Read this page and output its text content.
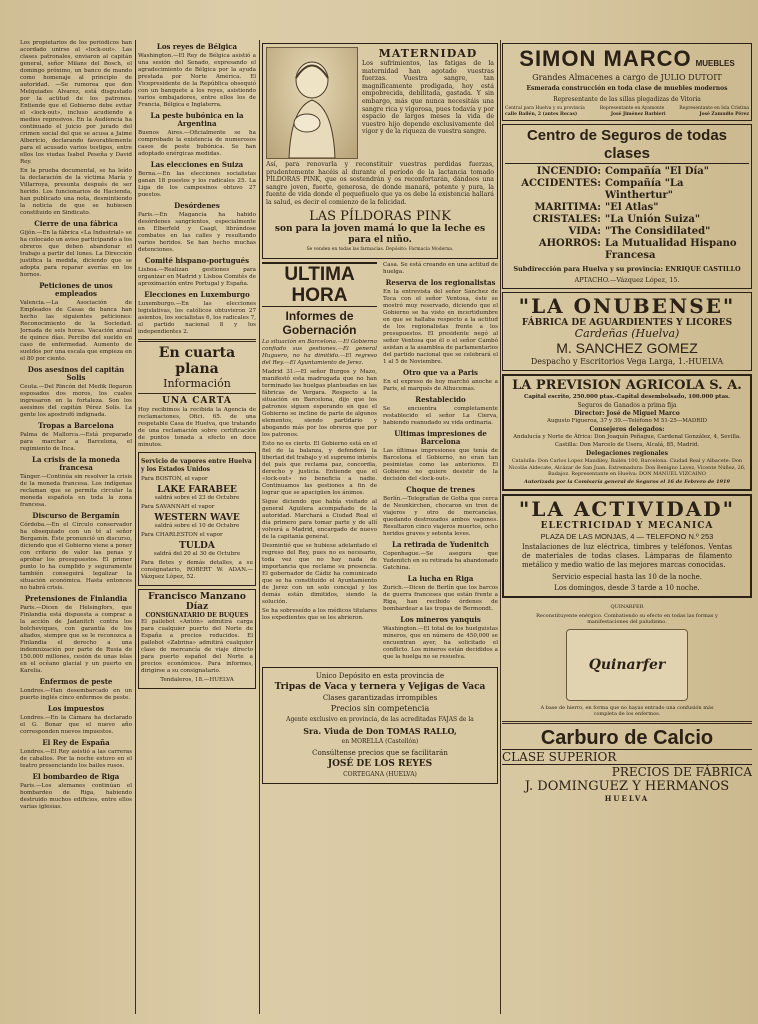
Los propietarios de los periódicos han acordado unirse al «lock-out». Las clases patronales, enviaron al capitán general, señor Milans del Bosch, el domingo próximo, un banco de mando como homenaje al principio de autoridad. —Se rumorea que don Melquiades Alvarez, está disgustado por la actitud de los patronos. Entiende que el Gobierno debe evitar el «lock-out», incluso acudiendo a medios represivos. En la Audiencia ha continuado el juicio por jurado del crimen social del que se acusa a Jaime Albericio, declarando favorablemente para el acusado varios testigos, entre ellos los viudas Isabel Peseña y David Rey.

En la prueba documental, se ha leído la declaración de la víctima María y Villarroya, presunta después de ser herido. Los funcionarios de Hacienda, han publicado una nota, desmintiendo la noticia de que se hubiesen constituido en Sindicato.

Cierre de una fábrica

Gijón.—En la fábrica «La Industrial» se ha colocado un aviso participando a los obreros que deben abandonar el trabajo a partir del lunes. La Dirección justifica la medida, diciendo que se adopta para reparar averías en los hornos.

Peticiones de unos empleados

Valencia.—La Asociación de Empleados de Casas de banca han hecho las siguientes peticiones: Reconocimiento de la Sociedad. Jornada de seis horas. Vacación anual de quince días. Percibo del sueldo en caso de enfermedad. Aumento de sueldos por una escala que empieza en el 80 por ciento.

Dos asesinos del capitán Solis

Ceuta.—Del Rincón del Medik llegaron esposados dos moros, los cuales ingresaron en la fortaleza. Son los asesinos del capitán Pérez Solís. La gente los apostrofó indignada.

Tropas a Barcelona

Palma de Mallorca.—Está preparado para marchar a Barcelona, el regimiento de Inca.

La crisis de la moneda francesa

Tánger.—Continúa sin resolver la crisis de la moneda francesa. Los indígenas reclaman que se permita circular la moneda española en toda la zona francesa.

Discurso de Bergamín

Córdoba.—En el Círculo conservador ha obsequiado con un té al señor Bergamín. Éste pronunció un discurso, diciendo que el Gobierno viene a poner con criterio de valor las penas y aprobar los presupuestos. El primer punto lo ha cumplido y seguramente también conseguirá legalizar la situación económica. Hasta entonces no habrá crisis.

Pretensiones de Finlandia

Paris.—Dicen de Helsingfors, que Finlandia está dispuesta a comprar a la acción de Jadanitch contra los bolcheviques, con garantía de los aliados, siempre que se le reconozca a Finlandia el derecho a una indemnización por parte de Rusia de 150.000 millones, cesión de unas islas en el océano glacial y un puerto en Karelia.

Enfermos de peste

Londres.—Han desembarcado en un puerto inglés cinco enfermos de peste.

Los impuestos

Londres.—En la Cámara ha declarado el G. Bonar que el nuevo año corresponden nuevos impuestos.

El Rey de España

Londres.—El Rey asistió a las carreras de caballos. Por la noche estuvo en el teatro presenciando los bailes rusos.

El bombardeo de Riga

Paris.—Los alemanes continúan el bombardeo de Riga, habiendo destruido muchos edificios, entre ellos varias iglesias.

Los reyes de Bélgica

Washington.—El Rey de Bélgica asistió a una sesión del Senado, expresando el agradecimiento de Bélgica por la ayuda prestada por Norte América. El Vicepresidente de la República obsequió con un banquete a los reyes, asistiendo varios embajadores, entre ellos los de Francia, Bélgica e Inglaterra.

La peste bubónica en la Argentina

Buenos Aires.—Oficialmente se ha comprobado la existencia de numerosos casos de peste bubónica. Se han adoptado enérgicas medidas.

Las elecciones en Suiza

Berna.—En las elecciones socialistas ganan 18 puestos y los radicales 25. La Liga de los campesinos obtuvo 27 puestos.

Desórdenes

Paris.—En Magancia ha habido desórdenes sangrientos, especialmente en Elberfeld y Caagl, librándose combates en las calles y resultando varios heridos. Se han hecho muchas detenciones.

Comité hispano-portugués

Lisboa.—Realizan gestiones para organizar en Madrid y Lisboa Comités de aproximación entre Portugal y España.

Elecciones en Luxemburgo

Luxemburgo.—En las elecciones legislativas, los católicos obtuvieron 27 asientos, los socialistas 6, los radicales 7, el partido nacional 8 y los independientes 2.

En cuarta plana
Información
UNA CARTA

Hoy recibimos la recibida la Agencia de reclamaciones, Ofici. 65. de una respetable Casa de Huelva, que tratando de una reclamación sobre certificación de puntos tonada a efecto en doce minutos.

Servicio de vapores entre Huelva y los Estados Unidos
Para BOSTON, el vapor
LAKE FARABEE
saldrá sobre el 23 de Octubre
Para SAVANNAH el vapor
WESTERN WAVE
saldrá sobre el 10 de Octubre
Para CHARLESTON el vapor
TULDA
saldrá del 20 al 30 de Octubre
Para fletes y demás detalles, a su consignatario, ROBERT W. ADAN.—Vázquez López, 52.
Francisco Manzano Díaz
CONSIGNATARIO DE BUQUES

El pailebot «Antón» admitirá carga para cualquier puerto del Norte de España a precios reducidos. El pailebot «Zabrina» admitirá cualquier clase de mercancía de viaje directo para puerto español del Norte a precios económicos. Para informes, dirigirse a su consignatario.

Tendaleros, 18.—HUELVA
MATERNIDAD

Los sufrimientos, las fatigas de la maternidad han agotado vuestras fuerzas. Vuestra sangre, tan magníficamente prodigada, hoy está empobrecida, debilitada, gastada. Y sin embargo, más que nunca necesitáis una sangre rica y vigorosa, pues todavía y por espacio de largos meses la vida de vuestro hijo depende exclusivamente del vigor y de la riqueza de vuestra sangre.

Así, para renovarla y reconstituir vuestras perdidas fuerzas, prudentemente hacéis al durante el período de la lactancia tomado PÍLDORAS PINK, que os sostendrán y os reconfortarán, dándoos una sangre joven, fuerte, generosa, de donde manará, potente y pura, la fuente de vida donde el pequeñuelo que ya os debe la existencia hallará la salud, es decir el comienzo de la felicidad.

LAS PÍLDORAS PINK
son para la joven mamá lo que la leche es para el niño.
Se venden en todas las farmacias. Depósito: Farmacia Moderna.
ULTIMA HORA
Informes de Gobernación

La situación en Barcelona.—El Gobierno confiado sus gestiones.—El general Huguero, no ha dimitido.—El regreso del Rey.—El Ayuntamiento de Jerez.

Madrid 31.—El señor Burgos y Mazo, manifestó esta madrugada que no han terminado las huelgas planteadas en las fábricas de Vergara. Respecto a la situación en Barcelona, dijo que los patronos siguen esperando en que el Gobierno se incline de parte de algunos elementos, siendo partidario y abogando más por los obreros que por los patronos.

Esto no es cierto. El Gobierno está en el fiel de la balanza, y defenderá la libertad del trabajo y el supremo interés del país que reclama paz, concordia, derecho y justicia. Entiende que el «lock-out» no beneficia a nadie. Continuamos las gestiones a fin de lograr que se apacigüen los ánimos.

Sigue diciendo que había visitado al general Aguilera acompañado de la autoridad. Marchará a Ciudad Real el día primero para tomar parte y de allí volverá a Madrid, encargado de nuevo de la capitanía general.

Desmintió que se hubiese adelantado el regreso del Rey, pues no es necesario, toda vez que no hay nada de importancia que reclame su presencia. El gobernador de Cádiz ha comunicado que se ha constituido el Ayuntamiento de Jerez con un solo concejal y los demás están dimitidos, siendo la solución.

Se ha sobreseído a los médicos titulares los expedientes que se les abrieron.

Casa. Se está creando en una actitud de huelga.

Reserva de los regionalistas

En la entrevista del señor Sánchez de Toca con el señor Ventosa, éste se mostró muy reservado, diciendo que el Gobierno se ha visto en incertidumbre en que se hallaba respecto a la actitud de los regionalistas frente a los presupuestos. El presidente negó al señor Ventosa que él o el señor Cambó asistan a la asamblea de parlamentarios del partido nacional que se celebrará el 1 al 5 de Noviembre.

Otro que va a Paris

En el expreso de hoy marchó anoche a Paris, el marqués de Alhucemas.

Restablecido

Se encuentra completamente restablecido el señor La Cierva, habiendo reanudado su vida ordinaria.

Ultimas impresiones de Barcelona

Las últimas impresiones que tenía de Barcelona el Gobierno, no eran tan pesimistas como las anteriores. El Gobierno no quiere desistir de la decisión del «lock-out».

Choque de trenes

Berlín.—Telegrafían de Gotha que cerca de Neunkirchen, chocaron un tren de viajeros y otro de mercancías, quedando destrozados ambos vagones. Resultaron cinco viajeros muertos, ocho heridos graves y setenta leves.

La retirada de Yudenitch

Copenhague.—Se asegura que Yudenitch en su retirada ha abandonado Gatchina.

La lucha en Riga

Zurich.—Dicen de Berlín que los barcos de guerra franceses que están frente a Riga, han recibido órdenes de bombardear a las tropas de Bermondt.

Los mineros yanquis

Washington.—El total de los huelguistas mineros, que en número de 450,000 se encuentran ayer, ha solicitado el conflicto. Los mineros están decididos a que la huelga no se resuelva.

Unico Depósito en esta provincia de
Tripas de Vaca y ternera y Vejigas de Vaca
Clases garantizadas irrompibles
Precios sin competencia
Agente exclusivo en provincia, de las acreditadas FAJAS de la
Sra. Viuda de Don TOMAS RALLO,
en MORELLA (Castellón)
Consúltense precios que se facilitarán
JOSÉ DE LOS REYES
CORTEGANA (HUELVA)
SIMON MARCO MUEBLES
Grandes Almacenes a cargo de JULIO DUTOIT
Esmerada construcción en toda clase de muebles modernos
Representante de las sillas plegadizas de Vitoria
Central para Huelva y su provincia	Representante en Ayamonte	Representante en Isla Cristina
calle Bailén, 2 (antes Bocas)	José Jiménez Barbieri	José Zamudio Pérez
Centro de Seguros de todas clases
INCENDIO: Compañía "El Día"
ACCIDENTES: Compañía "La Winthertur"
MARITIMA: "El Atlas"
CRISTALES: "La Unión Suiza"
VIDA: "The Considilated"
AHORROS: La Mutualidad Hispano Francesa
Subdirección para Huelva y su provincia: ENRIQUE CASTILLO
APTACHO.—Vázquez López, 15.
"LA ONUBENSE"
FÁBRICA DE AGUARDIENTES Y LICORES
Cardeñas (Huelva)
M. SANCHEZ GOMEZ
Despacho y Escritorios Vega Larga, 1.-HUELVA
LA PREVISION AGRICOLA S. A.
Capital escrito, 250.000 ptas.-Capital desembolsado, 100.000 ptas.
Seguros de Ganados a prima fija
Director: José de Miguel Marco
Augusto Figueroa, 37 y 39.—Teléfono M 51-25—MADRID
Consejeros delegados:
Andalucía y Norte de África: Don Joaquín Peñague, Cardenal González, 4, Sevilla.
Castilla: Don Marcelo de Usera, Alcalá, 85, Madrid.
Delegaciones regionales
Cataluña: Don Carlos Lopez Mandiley, Bailén 100, Barcelona. Ciudad Real y Albacete: Don Nicolás Aldecate, Alcázar de San Juan. Extremadura: Don Benigno Lavez, Vicente Núñez, 26, Badajoz. Representante en Huelva: DON MANUEL VIZCAINO
Autorizada por la Comisaría general de Seguros el 16 de Febrero de 1919
"LA ACTIVIDAD"
ELECTRICIDAD Y MECANICA
PLAZA DE LAS MONJAS, 4 — TELEFONO N.º 253

Instalaciones de luz eléctrica, timbres y teléfonos. Ventas de materiales de todas clases. Lámparas de filamento metálico y medio watio de las mejores marcas conocidas.

Servicio especial hasta las 10 de la noche.
Los domingos, desde 3 tarde a 10 noche.
QUINARFER
Reconstituyente enérgico. Combatiendo su efecto en todas las formas y manifestaciones del paludismo.
Quinarfer
A base de hierro, en forma que no hayas entrado una confusión más completa de los enfermos.
Carburo de Calcio
CLASE SUPERIOR
PRECIOS DE FÁBRICA
J. DOMINGUEZ Y HERMANOS
HUELVA
